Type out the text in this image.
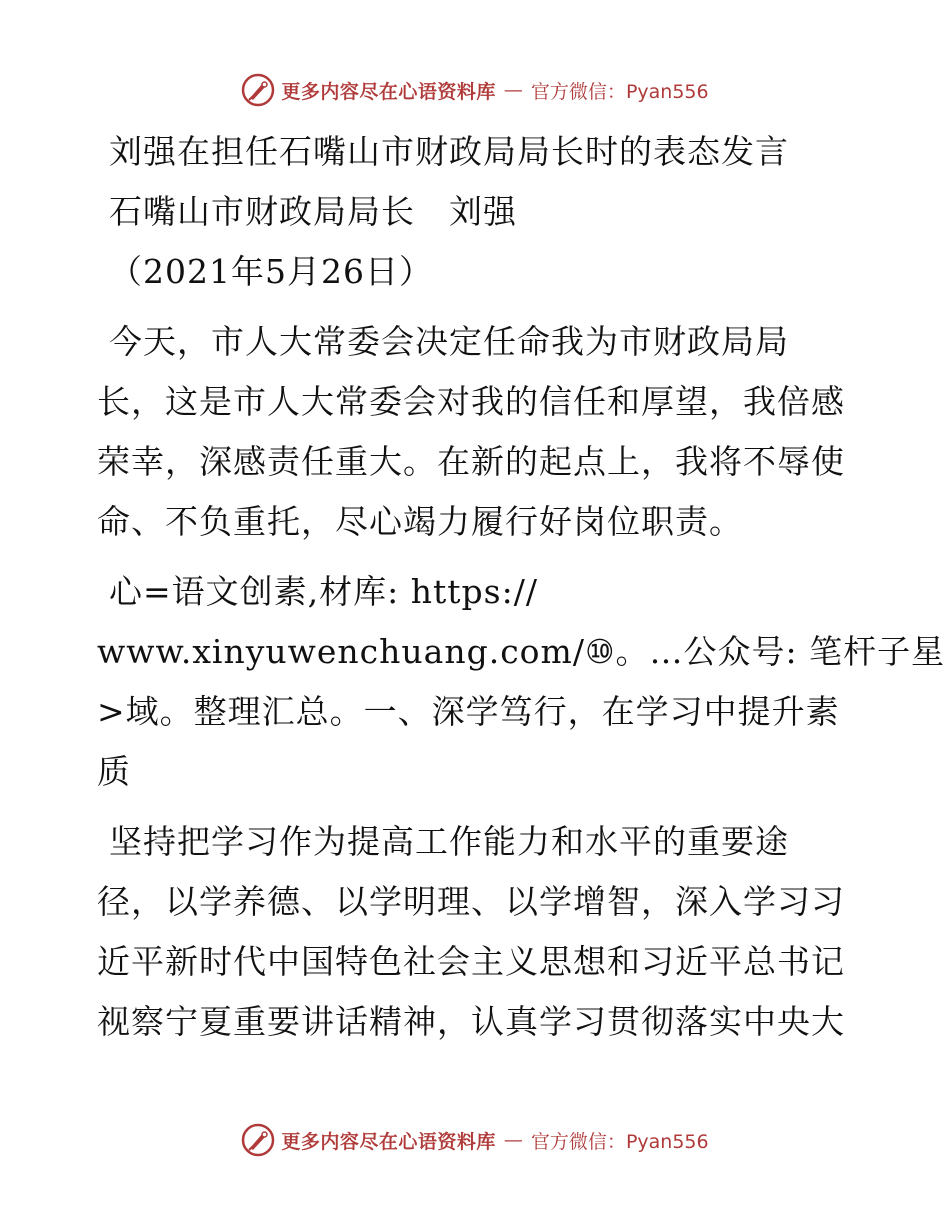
更多内容尽在心语资料库 — 官方微信：Pyan556
刘强在担任石嘴山市财政局局长时的表态发言
石嘴山市财政局局长　刘强
（2021年5月26日）
今天，市人大常委会决定任命我为市财政局局
长，这是市人大常委会对我的信任和厚望，我倍感
荣幸，深感责任重大。在新的起点上，我将不辱使
命、不负重托，尽心竭力履行好岗位职责。
心=语文创素,材库: https://
www.xinyuwenchuang.com/⑩。…公众号: 笔杆子星
>域。整理汇总。一、深学笃行，在学习中提升素
质
坚持把学习作为提高工作能力和水平的重要途
径，以学养德、以学明理、以学增智，深入学习习
近平新时代中国特色社会主义思想和习近平总书记
视察宁夏重要讲话精神，认真学习贯彻落实中央大
更多内容尽在心语资料库 — 官方微信：Pyan556
